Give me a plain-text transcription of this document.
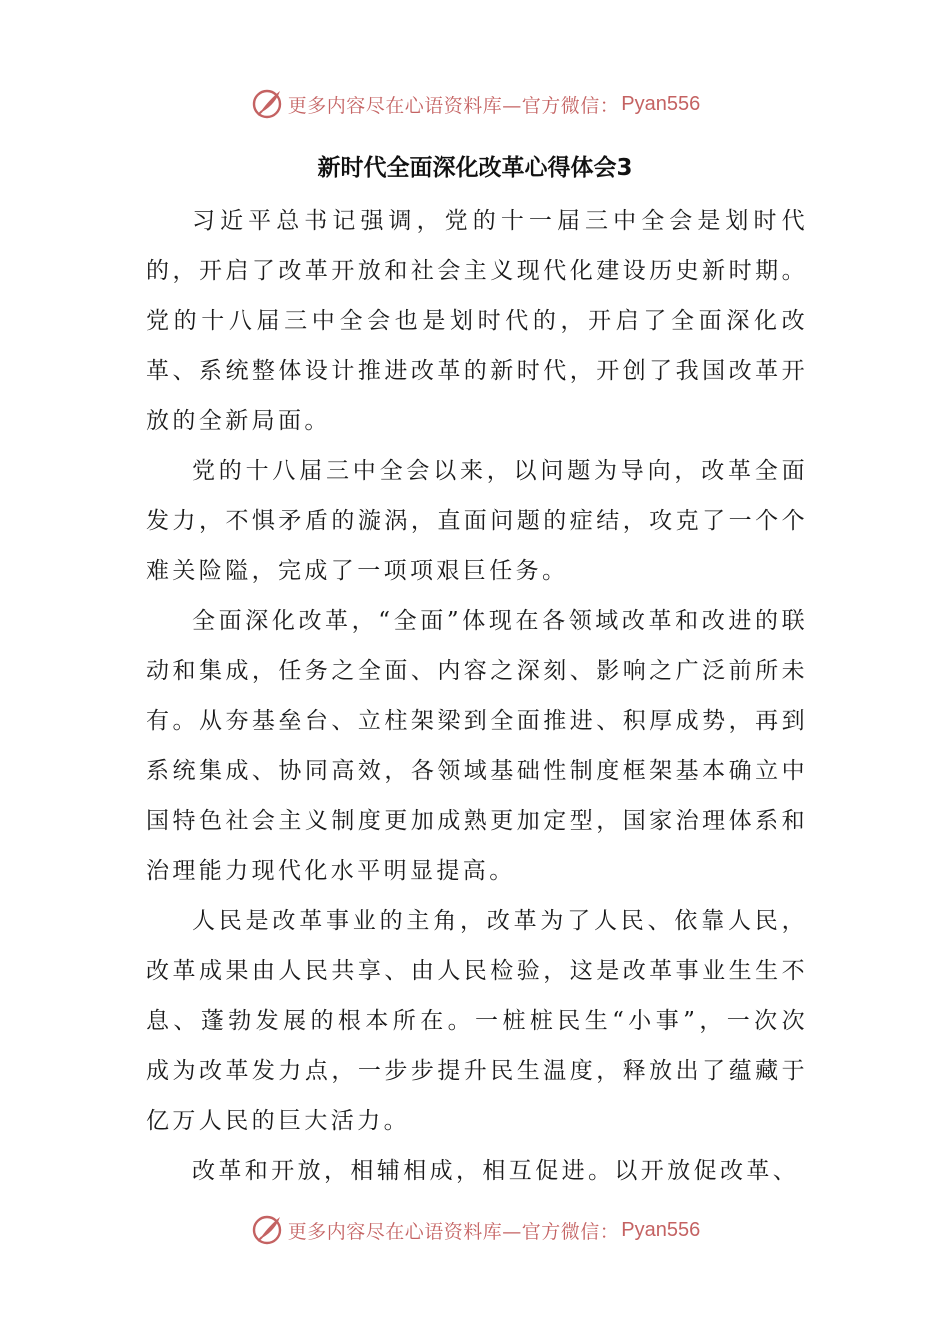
更多内容尽在心语资料库—官方微信： Pyan556
新时代全面深化改革心得体会3

习近平总书记强调，党的十一届三中全会是划时代的，开启了改革开放和社会主义现代化建设历史新时期。党的十八届三中全会也是划时代的，开启了全面深化改革、系统整体设计推进改革的新时代，开创了我国改革开放的全新局面。

党的十八届三中全会以来，以问题为导向，改革全面发力，不惧矛盾的漩涡，直面问题的症结，攻克了一个个难关险隘，完成了一项项艰巨任务。

全面深化改革，“全面”体现在各领域改革和改进的联动和集成，任务之全面、内容之深刻、影响之广泛前所未有。从夯基垒台、立柱架梁到全面推进、积厚成势，再到系统集成、协同高效，各领域基础性制度框架基本确立中国特色社会主义制度更加成熟更加定型，国家治理体系和治理能力现代化水平明显提高。

人民是改革事业的主角，改革为了人民、依靠人民，改革成果由人民共享、由人民检验，这是改革事业生生不息、蓬勃发展的根本所在。一桩桩民生“小事”，一次次成为改革发力点，一步步提升民生温度，释放出了蕴藏于亿万人民的巨大活力。

改革和开放，相辅相成，相互促进。以开放促改革、

更多内容尽在心语资料库—官方微信： Pyan556
